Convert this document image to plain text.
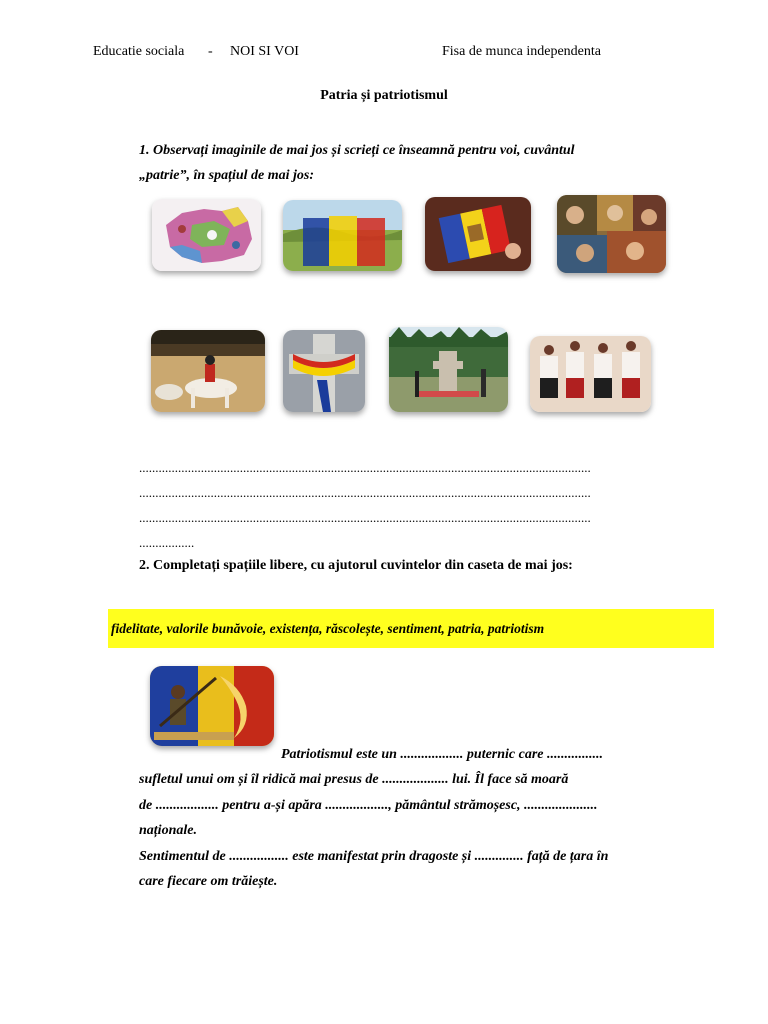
Educatie sociala - NOI SI VOI	Fisa de munca independenta
Patria și patriotismul
1. Observați imaginile de mai jos și scrieți ce înseamnă pentru voi, cuvântul
„patrie”, în spațiul de mai jos:
...........................................................................................................................................
...........................................................................................................................................
...........................................................................................................................................
.................
2. Completați spațiile libere, cu ajutorul cuvintelor din caseta de mai jos:
fidelitate, valorile bunăvoie, existența, răscolește, sentiment, patria, patriotism
Patriotismul este un .................. puternic care ................
sufletul unui om și îl ridică mai presus de ................... lui. Îl face să moară
de .................. pentru a-și apăra .................., pământul strămoșesc, .....................
naționale.
Sentimentul de ................. este manifestat prin dragoste și .............. față de țara în
care fiecare om trăiește.
